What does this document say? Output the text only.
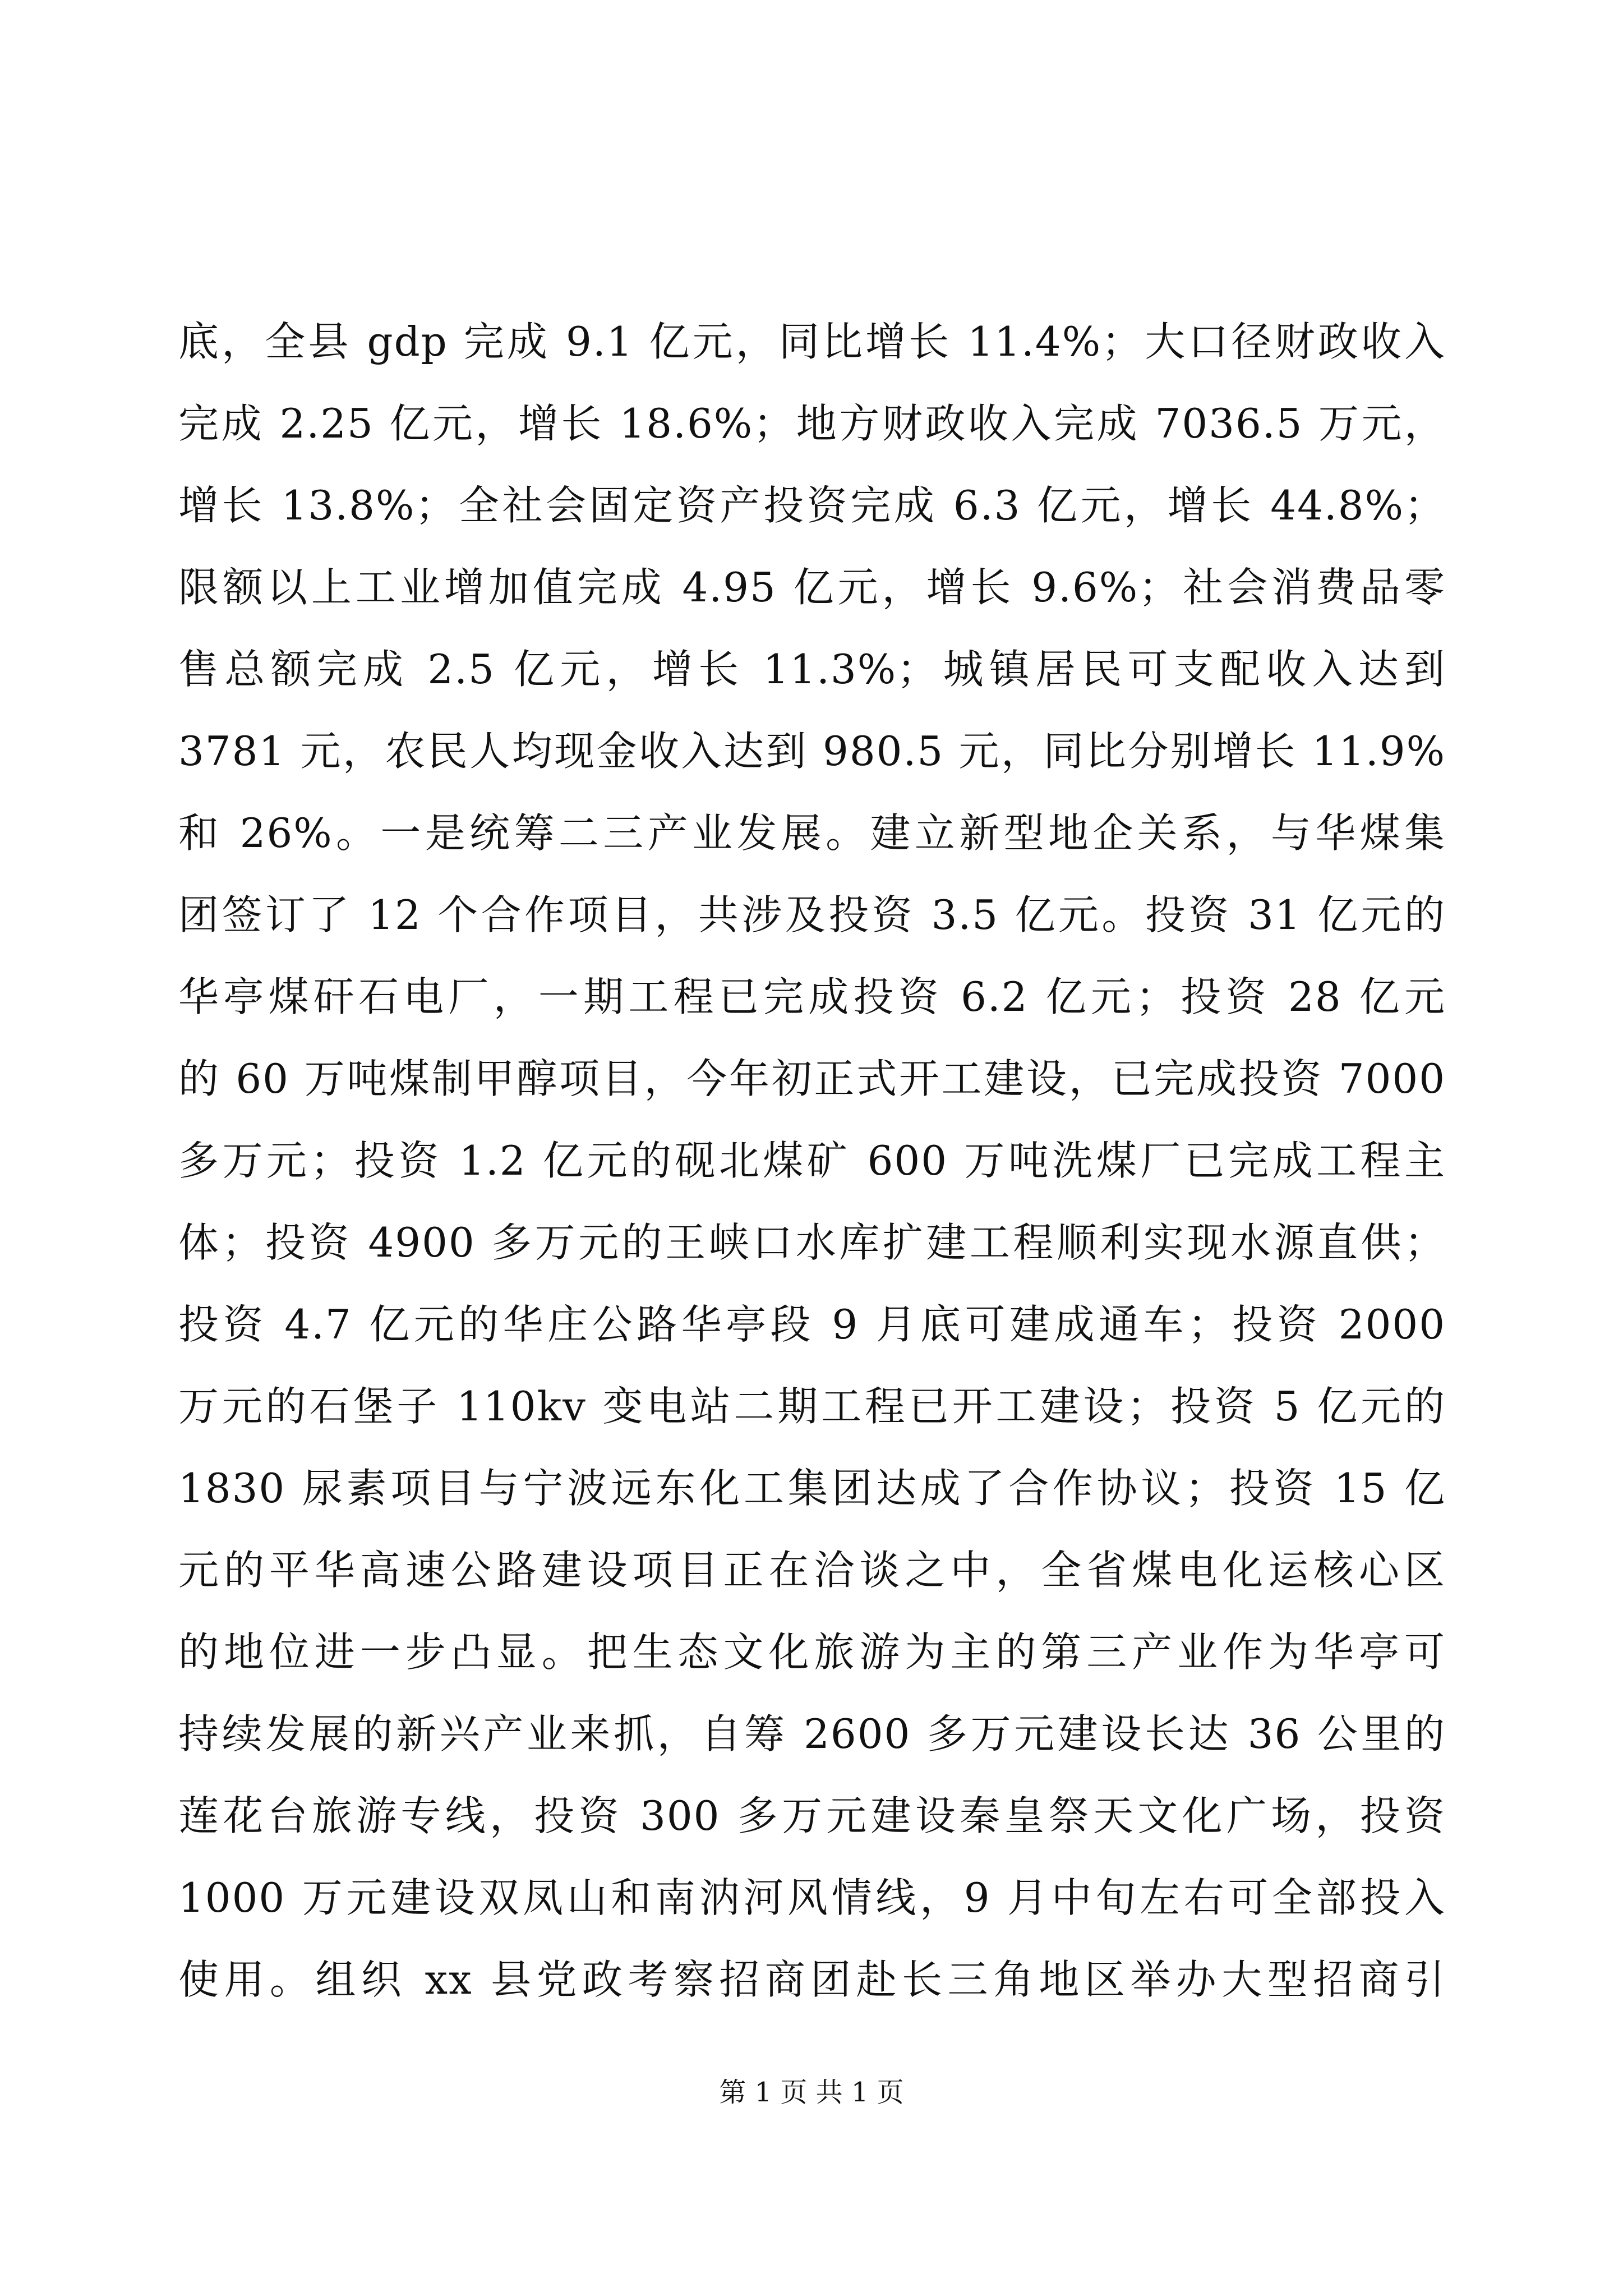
底，全县 gdp 完成 9.1 亿元，同比增长 11.4%；大口径财政收入
完成 2.25 亿元，增长 18.6%；地方财政收入完成 7036.5 万元，
增长 13.8%；全社会固定资产投资完成 6.3 亿元，增长 44.8%；
限额以上工业增加值完成 4.95 亿元，增长 9.6%；社会消费品零
售总额完成 2.5 亿元，增长 11.3%；城镇居民可支配收入达到
3781 元，农民人均现金收入达到 980.5 元，同比分别增长 11.9%
和 26%。一是统筹二三产业发展。建立新型地企关系，与华煤集
团签订了 12 个合作项目，共涉及投资 3.5 亿元。投资 31 亿元的
华亭煤矸石电厂，一期工程已完成投资 6.2 亿元；投资 28 亿元
的 60 万吨煤制甲醇项目，今年初正式开工建设，已完成投资 7000
多万元；投资 1.2 亿元的砚北煤矿 600 万吨洗煤厂已完成工程主
体；投资 4900 多万元的王峡口水库扩建工程顺利实现水源直供；
投资 4.7 亿元的华庄公路华亭段 9 月底可建成通车；投资 2000
万元的石堡子 110kv 变电站二期工程已开工建设；投资 5 亿元的
1830 尿素项目与宁波远东化工集团达成了合作协议；投资 15 亿
元的平华高速公路建设项目正在洽谈之中，全省煤电化运核心区
的地位进一步凸显。把生态文化旅游为主的第三产业作为华亭可
持续发展的新兴产业来抓，自筹 2600 多万元建设长达 36 公里的
莲花台旅游专线，投资 300 多万元建设秦皇祭天文化广场，投资
1000 万元建设双凤山和南汭河风情线，9 月中旬左右可全部投入
使用。组织 xx 县党政考察招商团赴长三角地区举办大型招商引
第 1 页 共 1 页
